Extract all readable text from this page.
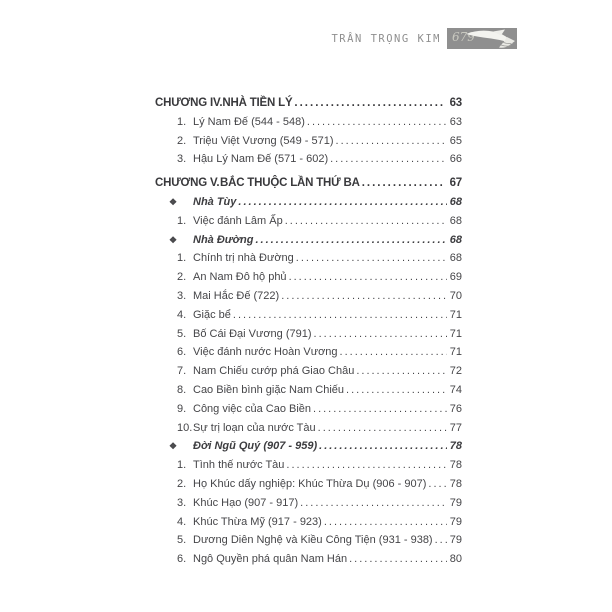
TRẦN TRỌNG KIM 679
CHƯƠNG IV. NHÀ TIỀN LÝ .....	63
1. Lý Nam Đế (544 - 548) .....	63
2. Triệu Việt Vương (549 - 571) .....	65
3. Hậu Lý Nam Đế (571 - 602) .....	66
CHƯƠNG V. BẮC THUỘC LẦN THỨ BA .....	67
❖	Nhà Tùy .....	68
1. Việc đánh Lâm Ấp .....	68
❖	Nhà Đường .....	68
1. Chính trị nhà Đường .....	68
2. An Nam Đô hộ phủ .....	69
3. Mai Hắc Đế (722) .....	70
4. Giặc bể .....	71
5. Bố Cái Đại Vương (791) .....	71
6. Việc đánh nước Hoàn Vương .....	71
7. Nam Chiếu cướp phá Giao Châu .....	72
8. Cao Biền bình giặc Nam Chiếu .....	74
9. Công việc của Cao Biền .....	76
10. Sự trị loạn của nước Tàu .....	77
❖	Đời Ngũ Quý (907 - 959) .....	78
1. Tình thế nước Tàu .....	78
2. Họ Khúc dấy nghiệp: Khúc Thừa Dụ (906 - 907) ..... 78
3. Khúc Hạo (907 - 917) .....	79
4. Khúc Thừa Mỹ (917 - 923) .....	79
5. Dương Diên Nghệ và Kiều Công Tiện (931 - 938) ..... 79
6. Ngô Quyền phá quân Nam Hán .....	80
